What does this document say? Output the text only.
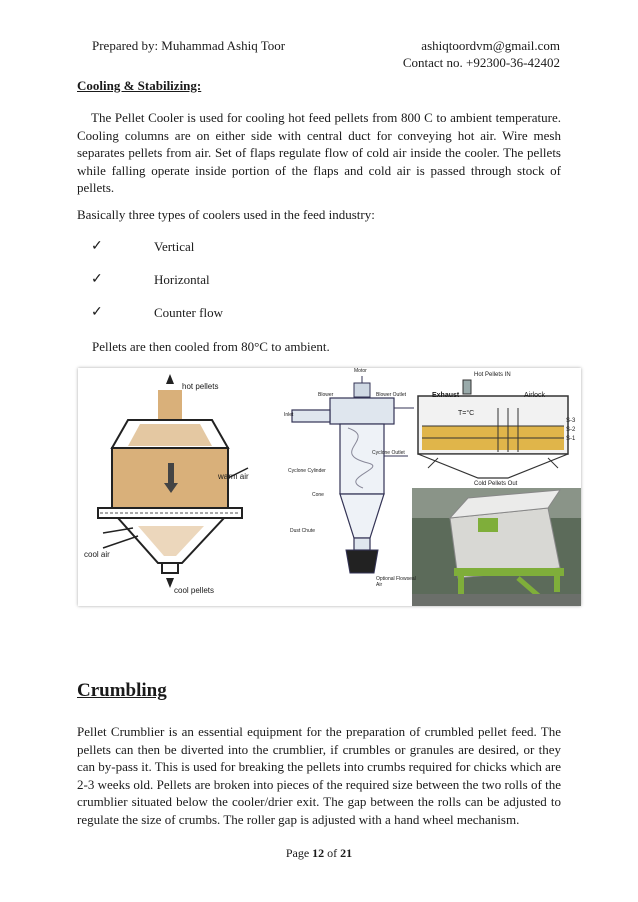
Prepared by: Muhammad Ashiq Toor	ashiqtoordvm@gmail.com
Contact no. +92300-36-42402
Cooling & Stabilizing:
The Pellet Cooler is used for cooling hot feed pellets from 800 C to ambient temperature. Cooling columns are on either side with central duct for conveying hot air. Wire mesh separates pellets from air. Set of flaps regulate flow of cold air inside the cooler. The pellets while falling operate inside portion of the flaps and cold air is passed through stock of pellets.
Basically three types of coolers used in the feed industry:
✓	Vertical
✓	Horizontal
✓	Counter flow
Pellets are then cooled from 80°C to ambient.
hot pellets
warm air
cool air
cool pellets
Motor
Blower	Blower Outlet
Inlet
Cyclone Outlet
Cyclone Cylinder
Cone
Dust Chute
Optional Flowseal Air
Hot Pellets IN
Exhaust	Airlock
T=°C
S-3
S-2
S-1
Cold Pellets Out
Crumbling
Pellet Crumblier is an essential equipment for the preparation of crumbled pellet feed. The pellets can then be diverted into the crumblier, if crumbles or granules are desired, or they can by-pass it. This is used for breaking the pellets into crumbs required for chicks which are 2-3 weeks old. Pellets are broken into pieces of the required size between the two rolls of the crumblier situated below the cooler/drier exit. The gap between the rolls can be adjusted to regulate the size of crumbs. The roller gap is adjusted with a hand wheel mechanism.
Page 12 of 21
